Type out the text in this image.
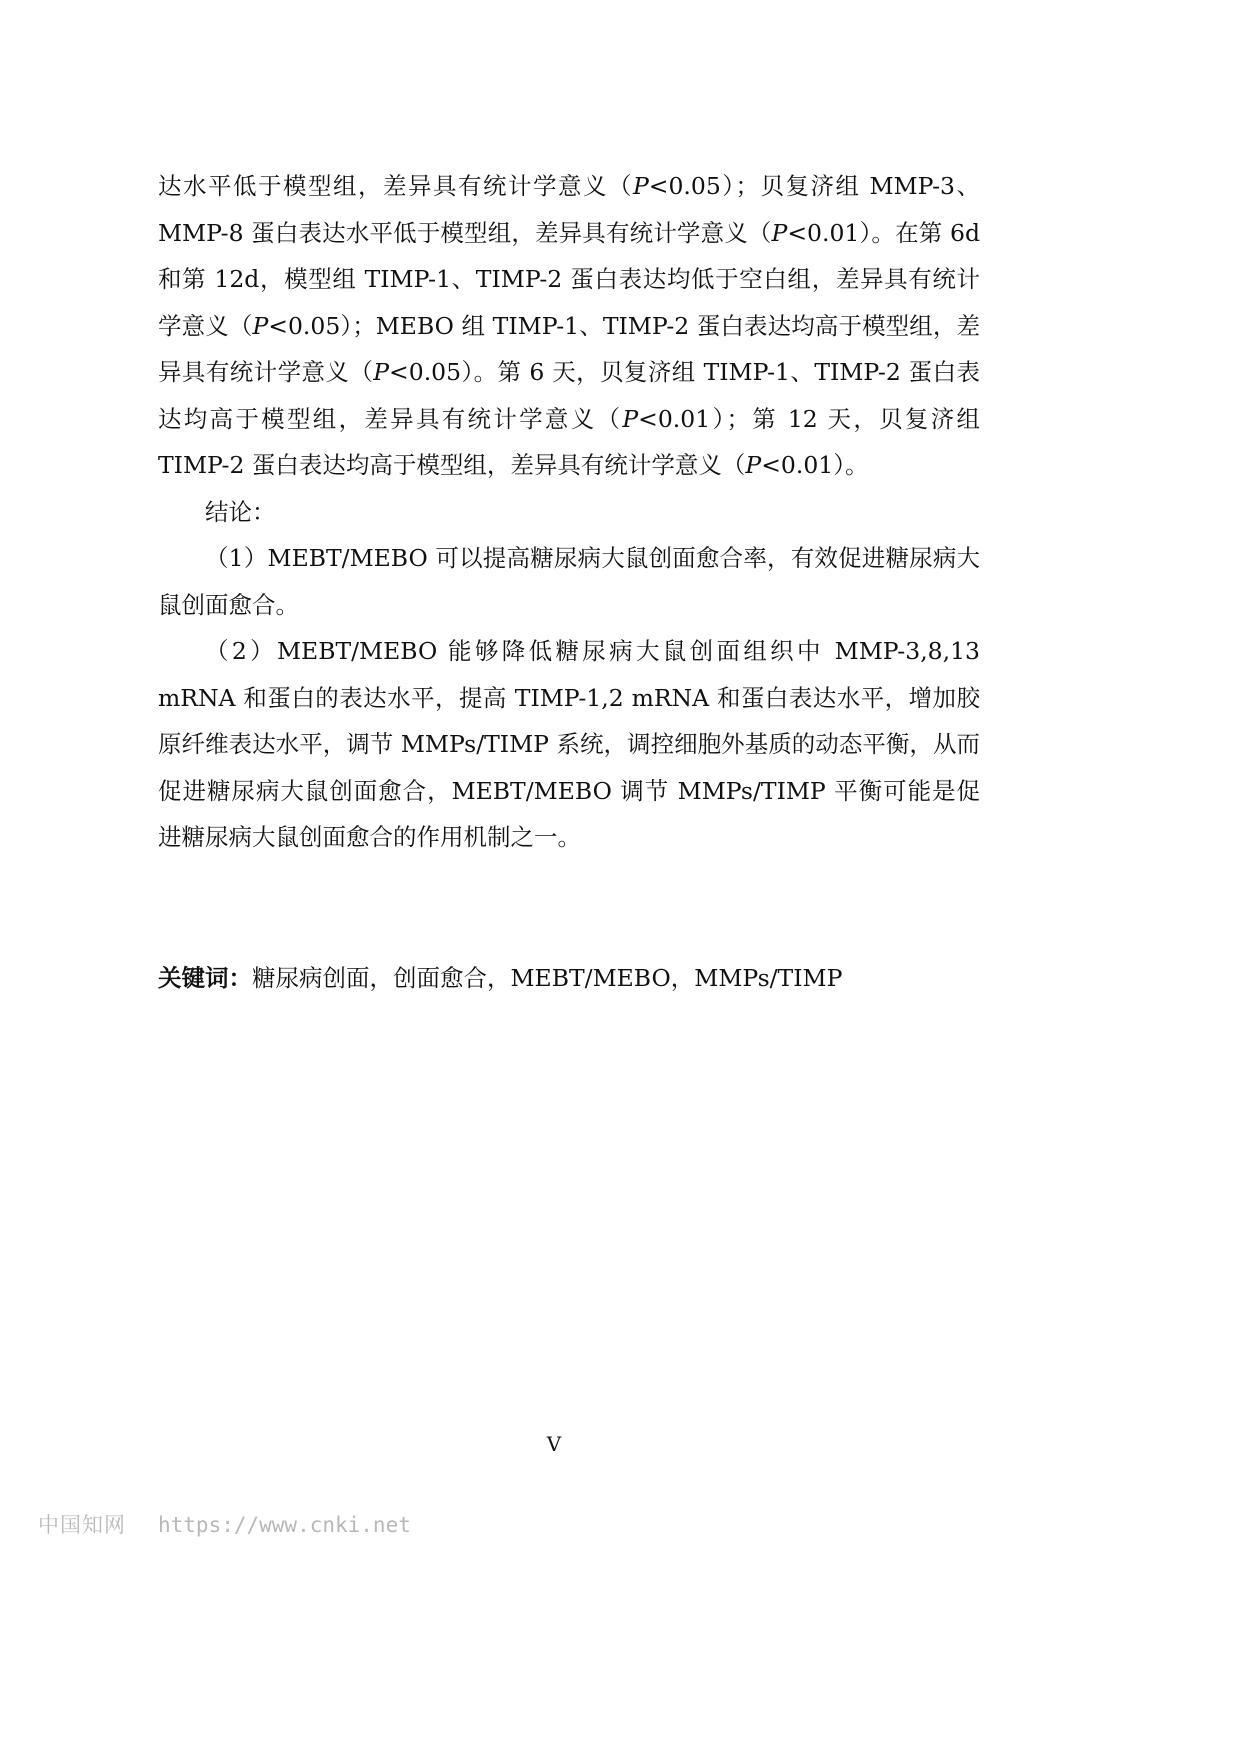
达水平低于模型组，差异具有统计学意义（P<0.05）；贝复济组 MMP-3、MMP-8 蛋白表达水平低于模型组，差异具有统计学意义（P<0.01）。在第 6d 和第 12d，模型组 TIMP-1、TIMP-2 蛋白表达均低于空白组，差异具有统计学意义（P<0.05）；MEBO 组 TIMP-1、TIMP-2 蛋白表达均高于模型组，差异具有统计学意义（P<0.05）。第 6 天，贝复济组 TIMP-1、TIMP-2 蛋白表达均高于模型组，差异具有统计学意义（P<0.01）；第 12 天，贝复济组 TIMP-2 蛋白表达均高于模型组，差异具有统计学意义（P<0.01）。

结论：

（1）MEBT/MEBO 可以提高糖尿病大鼠创面愈合率，有效促进糖尿病大鼠创面愈合。

（2）MEBT/MEBO 能够降低糖尿病大鼠创面组织中 MMP-3,8,13 mRNA 和蛋白的表达水平，提高 TIMP-1,2 mRNA 和蛋白表达水平，增加胶原纤维表达水平，调节 MMPs/TIMP 系统，调控细胞外基质的动态平衡，从而促进糖尿病大鼠创面愈合，MEBT/MEBO 调节 MMPs/TIMP 平衡可能是促进糖尿病大鼠创面愈合的作用机制之一。

关键词：糖尿病创面，创面愈合，MEBT/MEBO，MMPs/TIMP

V
中国知网 https://www.cnki.net
